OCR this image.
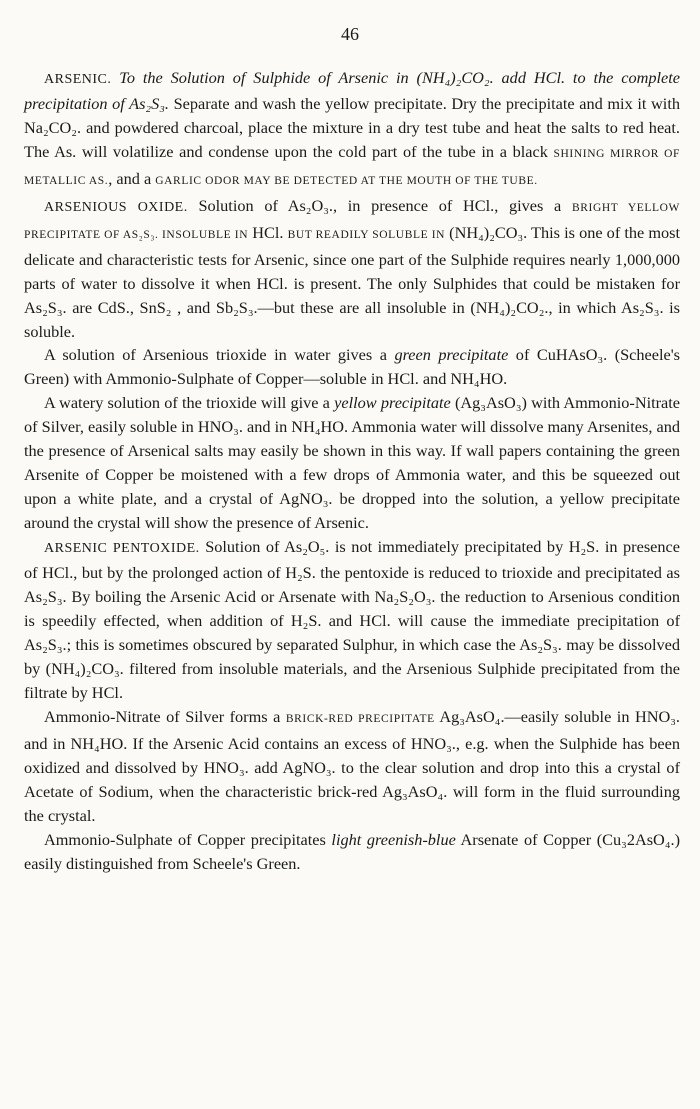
46

ARSENIC. To the Solution of Sulphide of Arsenic in (NH₄)₂CO₂. add HCl. to the complete precipitation of As₂S₃. Separate and wash the yellow precipitate. Dry the precipitate and mix it with Na₂CO₂. and powdered charcoal, place the mixture in a dry test tube and heat the salts to red heat. The As. will volatilize and condense upon the cold part of the tube in a black SHINING MIRROR OF METALLIC AS., and a GARLIC ODOR MAY BE DETECTED AT THE MOUTH OF THE TUBE.

ARSENIOUS OXIDE. Solution of As₂O₃., in presence of HCl., gives a BRIGHT YELLOW PRECIPITATE OF AS₂S₃. INSOLUBLE IN HCl. BUT READILY SOLUBLE IN (NH₄)₂CO₃. This is one of the most delicate and characteristic tests for Arsenic, since one part of the Sulphide requires nearly 1,000,000 parts of water to dissolve it when HCl. is present. The only Sulphides that could be mistaken for As₂S₃. are CdS., SnS₂ , and Sb₂S₃.—but these are all insoluble in (NH₄)₂CO₂., in which As₂S₃. is soluble.

A solution of Arsenious trioxide in water gives a green precipitate of CuHAsO₃. (Scheele's Green) with Ammonio-Sulphate of Copper—soluble in HCl. and NH₄HO.

A watery solution of the trioxide will give a yellow precipitate (Ag₃AsO₃) with Ammonio-Nitrate of Silver, easily soluble in HNO₃. and in NH₄HO. Ammonia water will dissolve many Arsenites, and the presence of Arsenical salts may easily be shown in this way. If wall papers containing the green Arsenite of Copper be moistened with a few drops of Ammonia water, and this be squeezed out upon a white plate, and a crystal of AgNO₃. be dropped into the solution, a yellow precipitate around the crystal will show the presence of Arsenic.

ARSENIC PENTOXIDE. Solution of As₂O₅. is not immediately precipitated by H₂S. in presence of HCl., but by the prolonged action of H₂S. the pentoxide is reduced to trioxide and precipitated as As₂S₃. By boiling the Arsenic Acid or Arsenate with Na₂S₂O₃. the reduction to Arsenious condition is speedily effected, when addition of H₂S. and HCl. will cause the immediate precipitation of As₂S₃.; this is sometimes obscured by separated Sulphur, in which case the As₂S₃. may be dissolved by (NH₄)₂CO₃. filtered from insoluble materials, and the Arsenious Sulphide precipitated from the filtrate by HCl.

Ammonio-Nitrate of Silver forms a BRICK-RED PRECIPITATE Ag₃AsO₄.—easily soluble in HNO₃. and in NH₄HO. If the Arsenic Acid contains an excess of HNO₃., e.g. when the Sulphide has been oxidized and dissolved by HNO₃. add AgNO₃. to the clear solution and drop into this a crystal of Acetate of Sodium, when the characteristic brick-red Ag₃AsO₄. will form in the fluid surrounding the crystal.

Ammonio-Sulphate of Copper precipitates light greenish-blue Arsenate of Copper (Cu₃2AsO₄.) easily distinguished from Scheele's Green.
